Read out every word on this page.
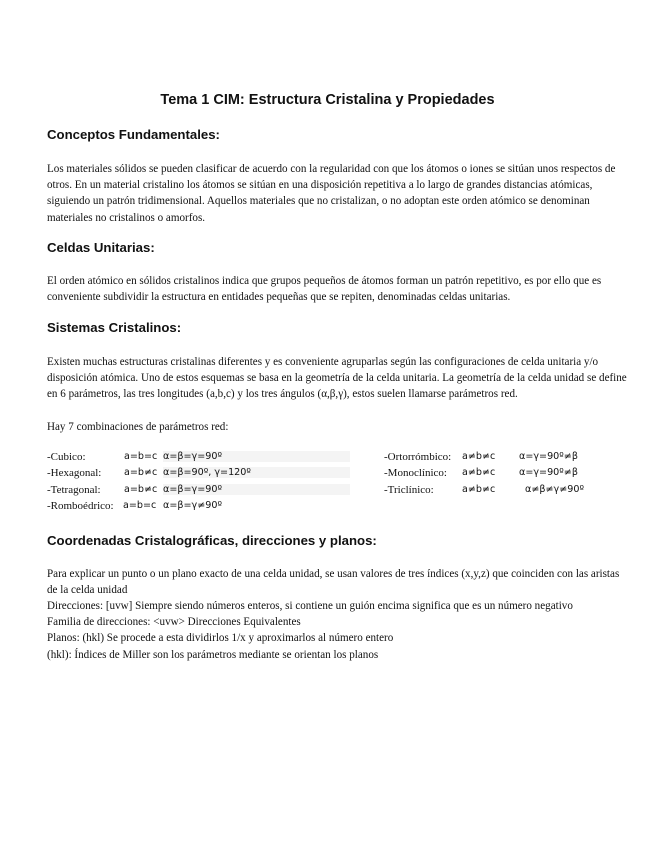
Tema 1 CIM: Estructura Cristalina y Propiedades
Conceptos Fundamentales:

Los materiales sólidos se pueden clasificar de acuerdo con la regularidad con que los átomos o iones se sitúan unos respectos de otros. En un material cristalino los átomos se sitúan en una disposición repetitiva a lo largo de grandes distancias atómicas, siguiendo un patrón tridimensional. Aquellos materiales que no cristalizan, o no adoptan este orden atómico se denominan materiales no cristalinos o amorfos.

Celdas Unitarias:

El orden atómico en sólidos cristalinos indica que grupos pequeños de átomos forman un patrón repetitivo, es por ello que es conveniente subdividir la estructura en entidades pequeñas que se repiten, denominadas celdas unitarias.

Sistemas Cristalinos:

Existen muchas estructuras cristalinas diferentes y es conveniente agruparlas según las configuraciones de celda unitaria y/o disposición atómica. Uno de estos esquemas se basa en la geometría de la celda unitaria. La geometría de la celda unidad se define en 6 parámetros, las tres longitudes (a,b,c) y los tres ángulos (α,β,γ), estos suelen llamarse parámetros red.

Hay 7 combinaciones de parámetros red:

-Cubico:	a=b=c α=β=γ=90º	-Ortorrómbico: a≠b≠c α=γ=90º≠β
-Hexagonal: a=b≠c α=β=90º, γ=120º	-Monoclínico: a≠b≠c α=γ=90º≠β
-Tetragonal: a=b≠c α=β=γ=90º	-Triclínico:	a≠b≠c	α≠β≠γ≠90º
-Romboédrico: a=b=c α=β=γ≠90º
Coordenadas Cristalográficas, direcciones y planos:

Para explicar un punto o un plano exacto de una celda unidad, se usan valores de tres índices (x,y,z) que coinciden con las aristas de la celda unidad

Direcciones: [uvw] Siempre siendo números enteros, si contiene un guión encima significa que es un número negativo
Familia de direcciones: <uvw> Direcciones Equivalentes
Planos: (hkl) Se procede a esta dividirlos 1/x y aproximarlos al número entero
(hkl): Índices de Miller son los parámetros mediante se orientan los planos
